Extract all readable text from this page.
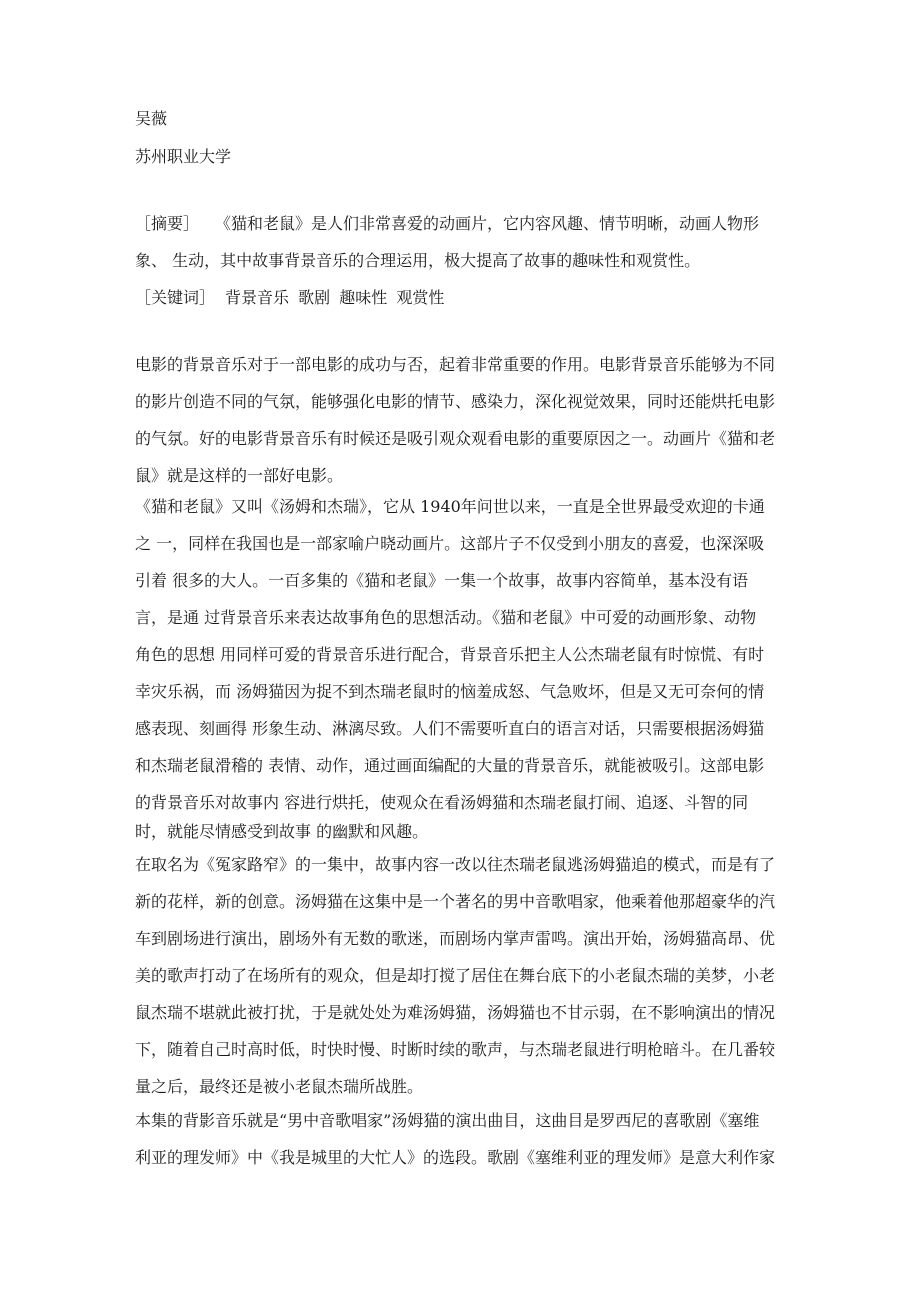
吴薇
苏州职业大学
［摘要］ 《猫和老鼠》是人们非常喜爱的动画片，它内容风趣、情节明晰，动画人物形
象、 生动，其中故事背景音乐的合理运用，极大提高了故事的趣味性和观赏性。
［关键词］ 背景音乐 歌剧 趣味性 观赏性
电影的背景音乐对于一部电影的成功与否，起着非常重要的作用。电影背景音乐能够为不同
的影片创造不同的气氛，能够强化电影的情节、感染力，深化视觉效果，同时还能烘托电影
的气氛。好的电影背景音乐有时候还是吸引观众观看电影的重要原因之一。动画片《猫和老
鼠》就是这样的一部好电影。
《猫和老鼠》又叫《汤姆和杰瑞》，它从 1940年问世以来，一直是全世界最受欢迎的卡通
之 一，同样在我国也是一部家喻户晓动画片。这部片子不仅受到小朋友的喜爱，也深深吸
引着 很多的大人。一百多集的《猫和老鼠》一集一个故事，故事内容简单，基本没有语
言，是通 过背景音乐来表达故事角色的思想活动。《猫和老鼠》中可爱的动画形象、动物
角色的思想 用同样可爱的背景音乐进行配合，背景音乐把主人公杰瑞老鼠有时惊慌、有时
幸灾乐祸，而 汤姆猫因为捉不到杰瑞老鼠时的恼羞成怒、气急败坏，但是又无可奈何的情
感表现、刻画得 形象生动、淋漓尽致。人们不需要听直白的语言对话，只需要根据汤姆猫
和杰瑞老鼠滑稽的 表情、动作，通过画面编配的大量的背景音乐，就能被吸引。这部电影
的背景音乐对故事内 容进行烘托，使观众在看汤姆猫和杰瑞老鼠打闹、追逐、斗智的同
时，就能尽情感受到故事 的幽默和风趣。
在取名为《冤家路窄》的一集中，故事内容一改以往杰瑞老鼠逃汤姆猫追的模式，而是有了
新的花样，新的创意。汤姆猫在这集中是一个著名的男中音歌唱家，他乘着他那超豪华的汽
车到剧场进行演出，剧场外有无数的歌迷，而剧场内掌声雷鸣。演出开始，汤姆猫高昂、优
美的歌声打动了在场所有的观众，但是却打搅了居住在舞台底下的小老鼠杰瑞的美梦，小老
鼠杰瑞不堪就此被打扰，于是就处处为难汤姆猫，汤姆猫也不甘示弱，在不影响演出的情况
下，随着自己时高时低，时快时慢、时断时续的歌声，与杰瑞老鼠进行明枪暗斗。在几番较
量之后，最终还是被小老鼠杰瑞所战胜。
本集的背影音乐就是“男中音歌唱家”汤姆猫的演出曲目，这曲目是罗西尼的喜歌剧《塞维
利亚的理发师》中《我是城里的大忙人》的选段。歌剧《塞维利亚的理发师》是意大利作家
